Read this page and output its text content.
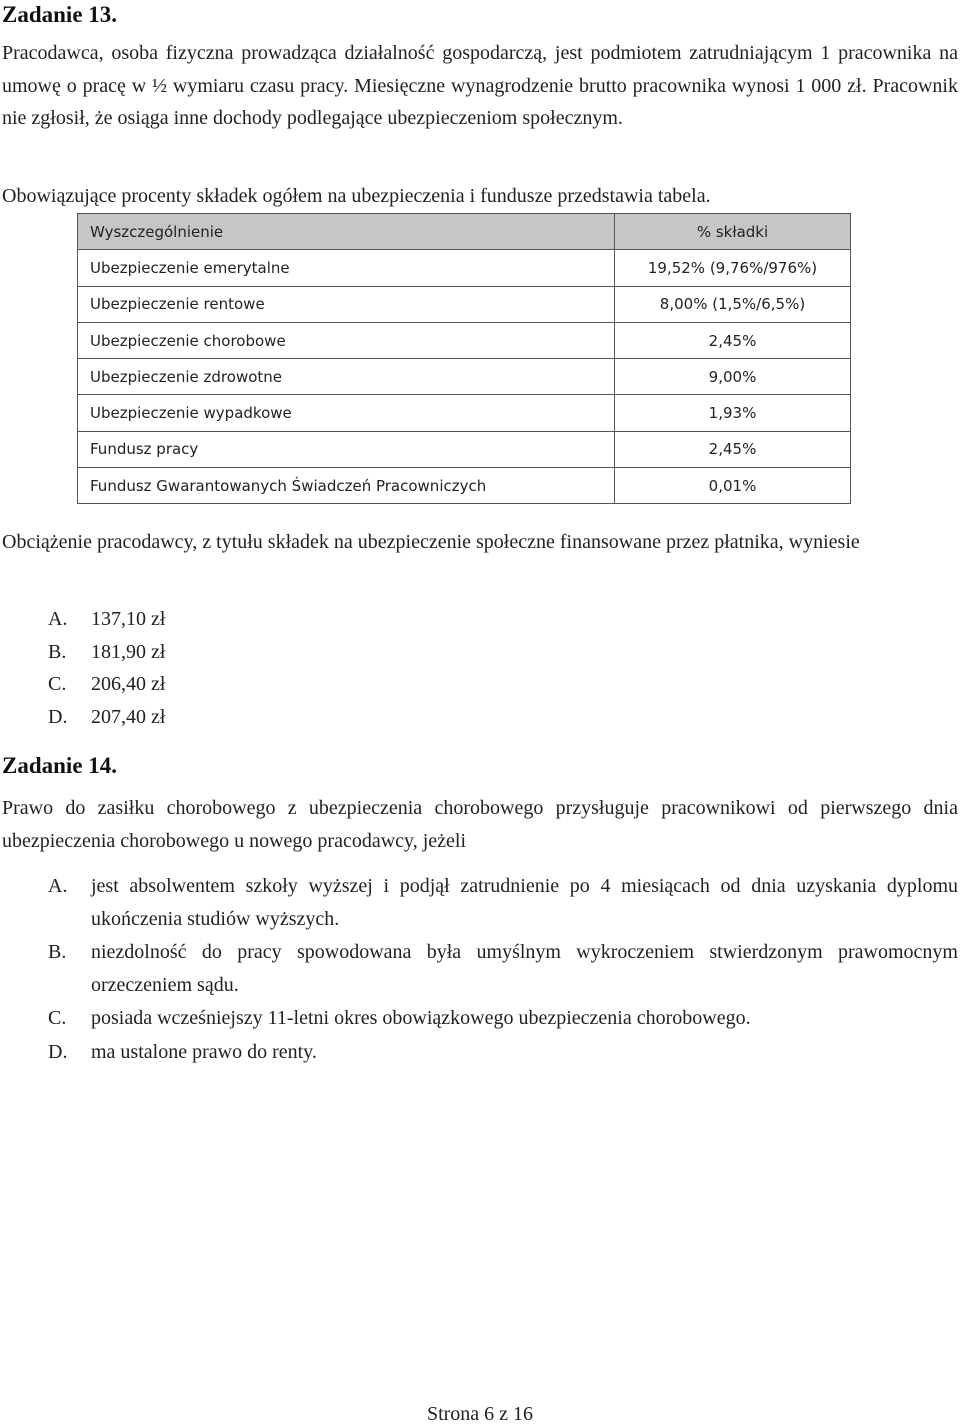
Zadanie 13.

Pracodawca, osoba fizyczna prowadząca działalność gospodarczą, jest podmiotem zatrudniającym 1 pracownika na umowę o pracę w ½ wymiaru czasu pracy. Miesięczne wynagrodzenie brutto pracownika wynosi 1 000 zł. Pracownik nie zgłosił, że osiąga inne dochody podlegające ubezpieczeniom społecznym.

Obowiązujące procenty składek ogółem na ubezpieczenia i fundusze przedstawia tabela.

Wyszczególnienie	% składki
Ubezpieczenie emerytalne	19,52% (9,76%/976%)
Ubezpieczenie rentowe	8,00% (1,5%/6,5%)
Ubezpieczenie chorobowe	2,45%
Ubezpieczenie zdrowotne	9,00%
Ubezpieczenie wypadkowe	1,93%
Fundusz pracy	2,45%
Fundusz Gwarantowanych Świadczeń Pracowniczych	0,01%

Obciążenie pracodawcy, z tytułu składek na ubezpieczenie społeczne finansowane przez płatnika, wyniesie

A.	137,10 zł
B.	181,90 zł
C.	206,40 zł
D.	207,40 zł
Zadanie 14.

Prawo do zasiłku chorobowego z ubezpieczenia chorobowego przysługuje pracownikowi od pierwszego dnia ubezpieczenia chorobowego u nowego pracodawcy, jeżeli

A.	jest absolwentem szkoły wyższej i podjął zatrudnienie po 4 miesiącach od dnia uzyskania dyplomu ukończenia studiów wyższych.
B.	niezdolność do pracy spowodowana była umyślnym wykroczeniem stwierdzonym prawomocnym orzeczeniem sądu.
C.	posiada wcześniejszy 11-letni okres obowiązkowego ubezpieczenia chorobowego.
D.	ma ustalone prawo do renty.
Strona 6 z 16
